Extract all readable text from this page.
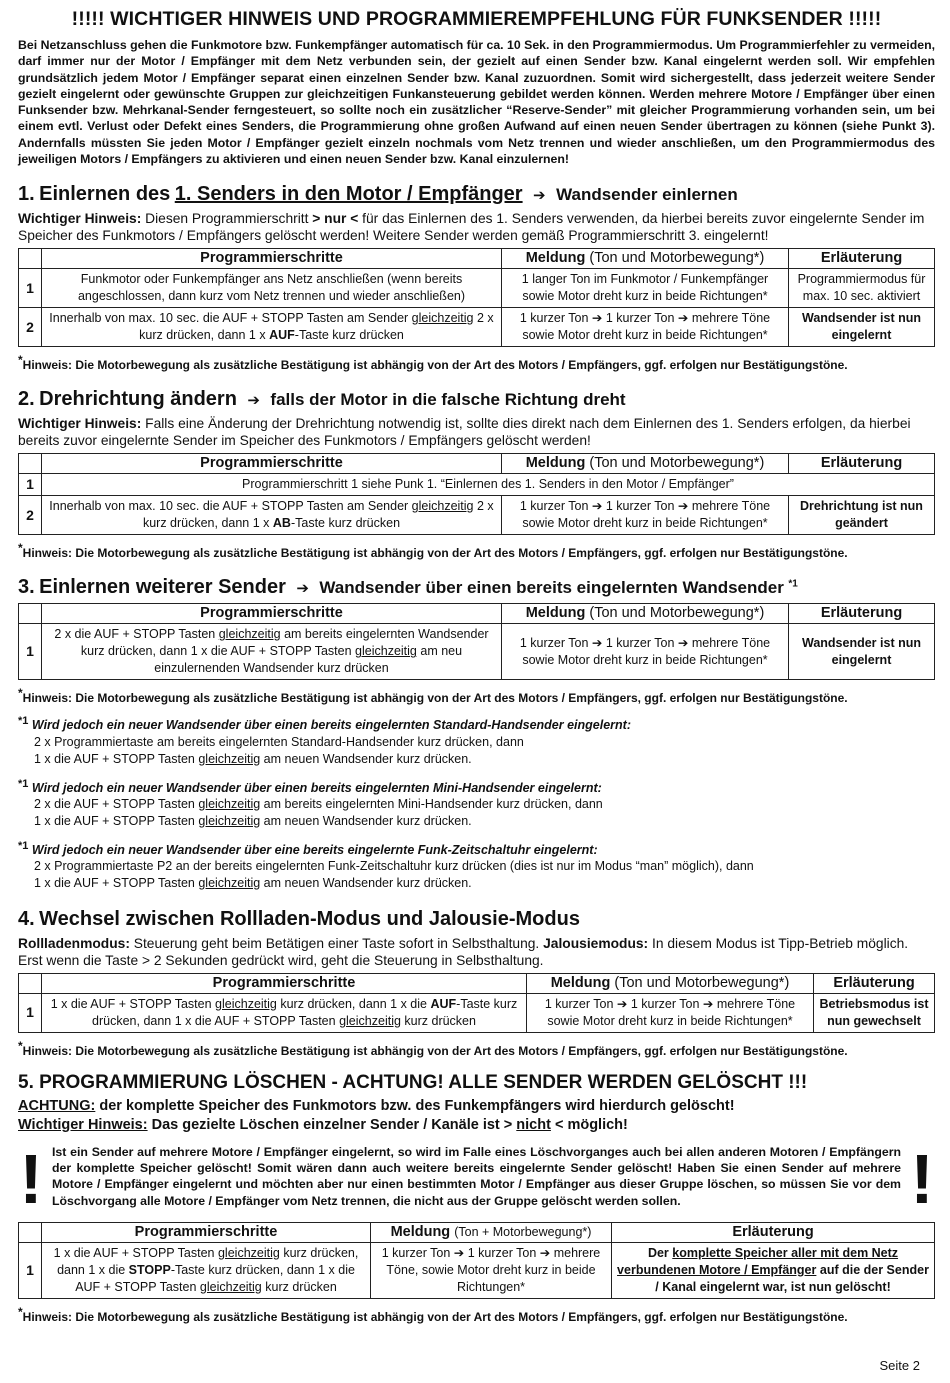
!!!!! WICHTIGER HINWEIS UND PROGRAMMIEREMPFEHLUNG FÜR FUNKSENDER !!!!!

Bei Netzanschluss gehen die Funkmotore bzw. Funkempfänger automatisch für ca. 10 Sek. in den Programmiermodus. Um Programmierfehler zu vermeiden, darf immer nur der Motor / Empfänger mit dem Netz verbunden sein, der gezielt auf einen Sender bzw. Kanal eingelernt werden soll. Wir empfehlen grundsätzlich jedem Motor / Empfänger separat einen einzelnen Sender bzw. Kanal zuzuordnen. Somit wird sichergestellt, dass jederzeit weitere Sender gezielt eingelernt oder gewünschte Gruppen zur gleichzeitigen Funkansteuerung gebildet werden können. Werden mehrere Motore / Empfänger über einen Funksender bzw. Mehrkanal-Sender ferngesteuert, so sollte noch ein zusätzlicher “Reserve-Sender” mit gleicher Programmierung vorhanden sein, um bei einem evtl. Verlust oder Defekt eines Senders, die Programmierung ohne großen Aufwand auf einen neuen Sender übertragen zu können (siehe Punkt 3). Andernfalls müssten Sie jeden Motor / Empfänger gezielt einzeln nochmals vom Netz trennen und wieder anschließen, um den Programmiermodus des jeweiligen Motors / Empfängers zu aktivieren und einen neuen Sender bzw. Kanal einzulernen!

1. Einlernen des 1. Senders in den Motor / Empfänger ➔ Wandsender einlernen

Wichtiger Hinweis: Diesen Programmierschritt > nur < für das Einlernen des 1. Senders verwenden, da hierbei bereits zuvor eingelernte Sender im Speicher des Funkmotors / Empfängers gelöscht werden! Weitere Sender werden gemäß Programmierschritt 3. eingelernt!

	Programmierschritte	Meldung (Ton und Motorbewegung*)	Erläuterung
1	Funkmotor oder Funkempfänger ans Netz anschließen (wenn bereits angeschlossen, dann kurz vom Netz trennen und wieder anschließen)	1 langer Ton im Funkmotor / Funkempfänger sowie Motor dreht kurz in beide Richtungen*	Programmiermodus für max. 10 sec. aktiviert
2	Innerhalb von max. 10 sec. die AUF + STOPP Tasten am Sender gleichzeitig 2 x kurz drücken, dann 1 x AUF-Taste kurz drücken	1 kurzer Ton ➔ 1 kurzer Ton ➔ mehrere Töne sowie Motor dreht kurz in beide Richtungen*	Wandsender ist nun eingelernt
*Hinweis: Die Motorbewegung als zusätzliche Bestätigung ist abhängig von der Art des Motors / Empfängers, ggf. erfolgen nur Bestätigungstöne.
2. Drehrichtung ändern ➔ falls der Motor in die falsche Richtung dreht

Wichtiger Hinweis: Falls eine Änderung der Drehrichtung notwendig ist, sollte dies direkt nach dem Einlernen des 1. Senders erfolgen, da hierbei bereits zuvor eingelernte Sender im Speicher des Funkmotors / Empfängers gelöscht werden!

	Programmierschritte	Meldung (Ton und Motorbewegung*)	Erläuterung
1	Programmierschritt 1 siehe Punk 1. “Einlernen des 1. Senders in den Motor / Empfänger”		
2	Innerhalb von max. 10 sec. die AUF + STOPP Tasten am Sender gleichzeitig 2 x kurz drücken, dann 1 x AB-Taste kurz drücken	1 kurzer Ton ➔ 1 kurzer Ton ➔ mehrere Töne sowie Motor dreht kurz in beide Richtungen*	Drehrichtung ist nun geändert
*Hinweis: Die Motorbewegung als zusätzliche Bestätigung ist abhängig von der Art des Motors / Empfängers, ggf. erfolgen nur Bestätigungstöne.
3. Einlernen weiterer Sender ➔ Wandsender über einen bereits eingelernten Wandsender $^{*1}$
	Programmierschritte	Meldung (Ton und Motorbewegung*)	Erläuterung
1	2 x die AUF + STOPP Tasten gleichzeitig am bereits eingelernten Wandsender kurz drücken, dann 1 x die AUF + STOPP Tasten gleichzeitig am neu einzulernenden Wandsender kurz drücken	1 kurzer Ton ➔ 1 kurzer Ton ➔ mehrere Töne sowie Motor dreht kurz in beide Richtungen*	Wandsender ist nun eingelernt
*Hinweis: Die Motorbewegung als zusätzliche Bestätigung ist abhängig von der Art des Motors / Empfängers, ggf. erfolgen nur Bestätigungstöne.
$^{*1}$ Wird jedoch ein neuer Wandsender über einen bereits eingelernten Standard-Handsender eingelernt:
2 x Programmiertaste am bereits eingelernten Standard-Handsender kurz drücken, dann
1 x die AUF + STOPP Tasten gleichzeitig am neuen Wandsender kurz drücken.
$^{*1}$ Wird jedoch ein neuer Wandsender über einen bereits eingelernten Mini-Handsender eingelernt:
2 x die AUF + STOPP Tasten gleichzeitig am bereits eingelernten Mini-Handsender kurz drücken, dann
1 x die AUF + STOPP Tasten gleichzeitig am neuen Wandsender kurz drücken.
$^{*1}$ Wird jedoch ein neuer Wandsender über eine bereits eingelernte Funk-Zeitschaltuhr eingelernt:
2 x Programmiertaste P2 an der bereits eingelernten Funk-Zeitschaltuhr kurz drücken (dies ist nur im Modus “man” möglich), dann
1 x die AUF + STOPP Tasten gleichzeitig am neuen Wandsender kurz drücken.
4. Wechsel zwischen Rollladen-Modus und Jalousie-Modus

Rollladenmodus: Steuerung geht beim Betätigen einer Taste sofort in Selbsthaltung. Jalousiemodus: In diesem Modus ist Tipp-Betrieb möglich. Erst wenn die Taste > 2 Sekunden gedrückt wird, geht die Steuerung in Selbsthaltung.

	Programmierschritte	Meldung (Ton und Motorbewegung*)	Erläuterung
1	1 x die AUF + STOPP Tasten gleichzeitig kurz drücken, dann 1 x die AUF-Taste kurz drücken, dann 1 x die AUF + STOPP Tasten gleichzeitig kurz drücken	1 kurzer Ton ➔ 1 kurzer Ton ➔ mehrere Töne sowie Motor dreht kurz in beide Richtungen*	Betriebsmodus ist nun gewechselt
*Hinweis: Die Motorbewegung als zusätzliche Bestätigung ist abhängig von der Art des Motors / Empfängers, ggf. erfolgen nur Bestätigungstöne.
5. PROGRAMMIERUNG LÖSCHEN - ACHTUNG! ALLE SENDER WERDEN GELÖSCHT !!!
ACHTUNG: der komplette Speicher des Funkmotors bzw. des Funkempfängers wird hierdurch gelöscht!
Wichtiger Hinweis: Das gezielte Löschen einzelner Sender / Kanäle ist > nicht < möglich!
! Ist ein Sender auf mehrere Motore / Empfänger eingelernt, so wird im Falle eines Löschvorganges auch bei allen anderen Motoren / Empfängern der komplette Speicher gelöscht! Somit wären dann auch weitere bereits eingelernte Sender gelöscht! Haben Sie einen Sender auf mehrere Motore / Empfänger eingelernt und möchten aber nur einen bestimmten Motor / Empfänger aus dieser Gruppe löschen, so müssen Sie vor dem Löschvorgang alle Motore / Empfänger vom Netz trennen, die nicht aus der Gruppe gelöscht werden sollen.	!
	Programmierschritte	Meldung (Ton + Motorbewegung*)	Erläuterung
1	1 x die AUF + STOPP Tasten gleichzeitig kurz drücken, dann 1 x die STOPP-Taste kurz drücken, dann 1 x die AUF + STOPP Tasten gleichzeitig kurz drücken	1 kurzer Ton ➔ 1 kurzer Ton ➔ mehrere Töne, sowie Motor dreht kurz in beide Richtungen*	Der komplette Speicher aller mit dem Netz verbundenen Motore / Empfänger auf die der Sender / Kanal eingelernt war, ist nun gelöscht!
*Hinweis: Die Motorbewegung als zusätzliche Bestätigung ist abhängig von der Art des Motors / Empfängers, ggf. erfolgen nur Bestätigungstöne.
Seite 2
